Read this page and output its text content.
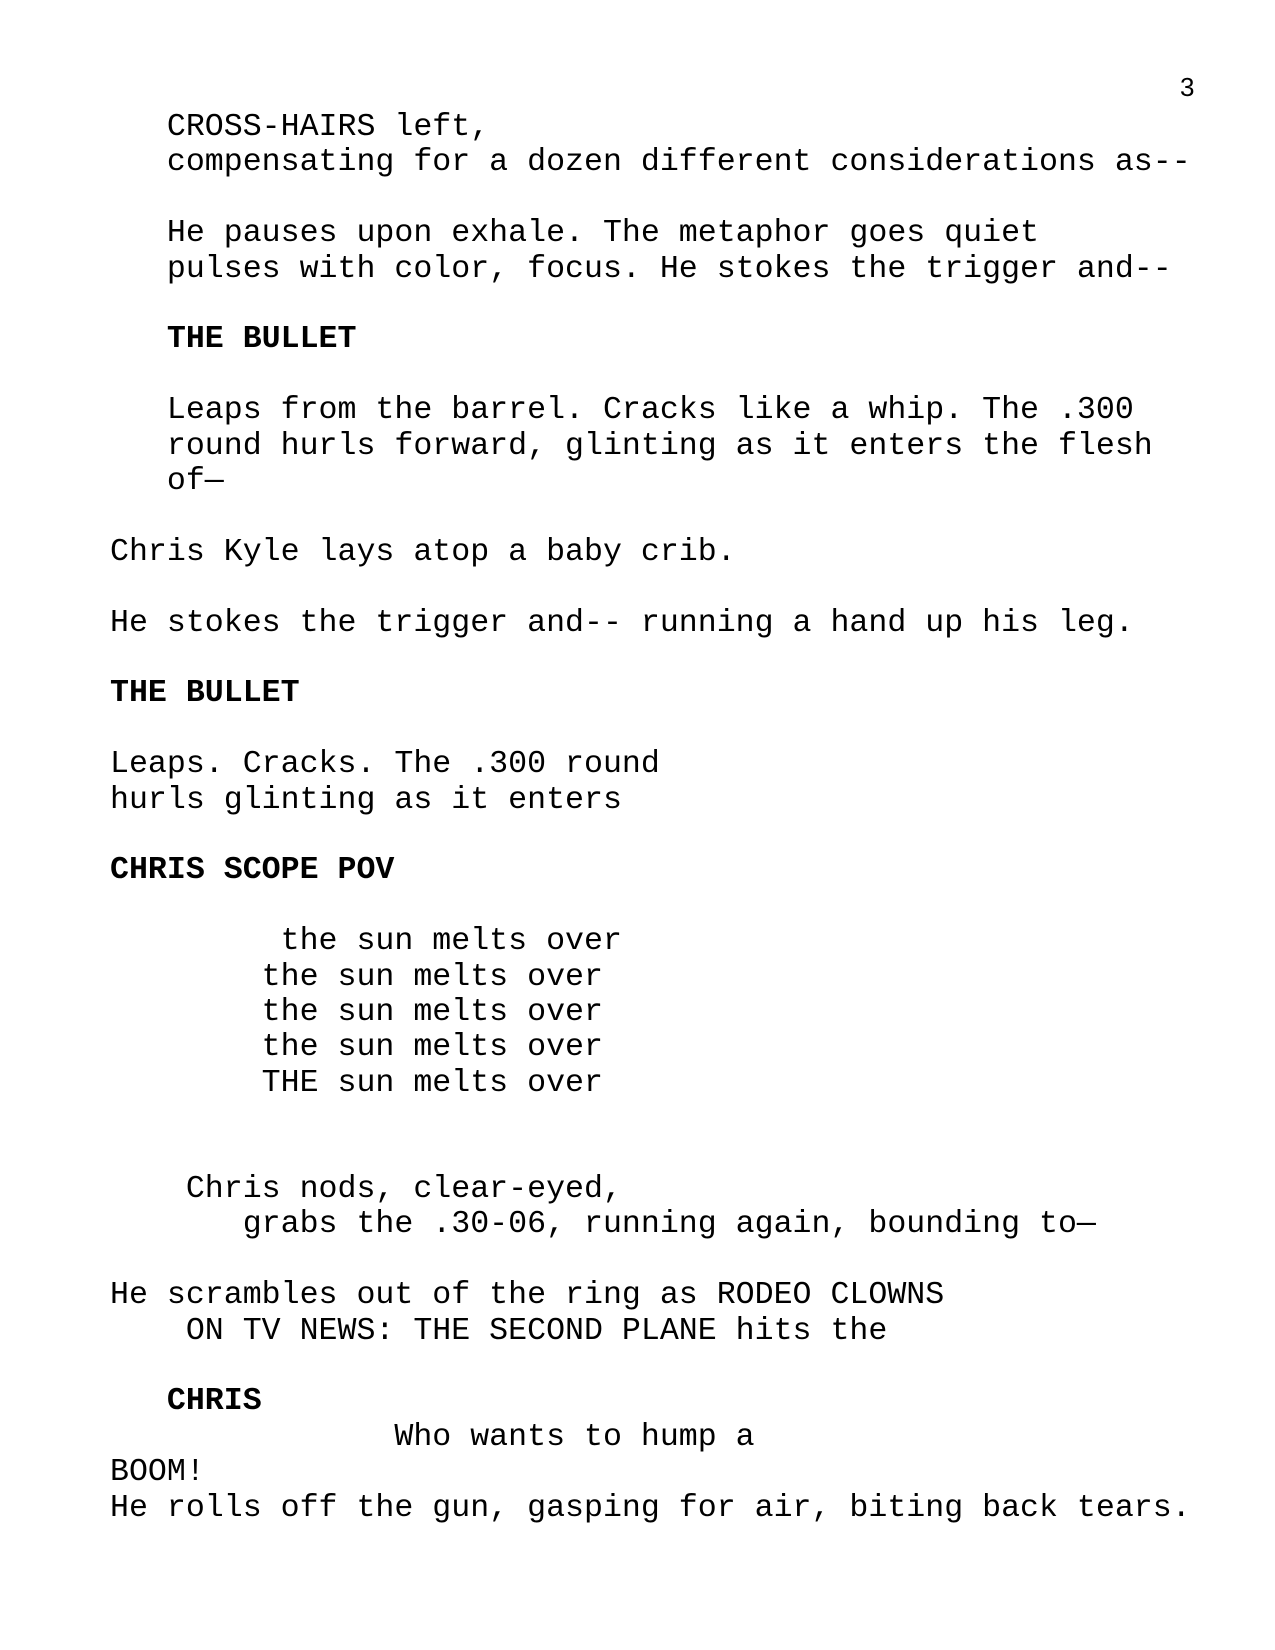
3
CROSS-HAIRS left,
compensating for a dozen different considerations as--
He pauses upon exhale. The metaphor goes quiet
pulses with color, focus. He stokes the trigger and--
THE BULLET
Leaps from the barrel. Cracks like a whip. The .300
round hurls forward, glinting as it enters the flesh
of—
Chris Kyle lays atop a baby crib.
He stokes the trigger and-- running a hand up his leg.
THE BULLET
Leaps. Cracks. The .300 round
hurls glinting as it enters
CHRIS SCOPE POV
the sun melts over
the sun melts over
the sun melts over
the sun melts over
THE sun melts over
Chris nods, clear-eyed,
grabs the .30-06, running again, bounding to—
He scrambles out of the ring as RODEO CLOWNS
ON TV NEWS: THE SECOND PLANE hits the
CHRIS
Who wants to hump a
BOOM!
He rolls off the gun, gasping for air, biting back tears.
